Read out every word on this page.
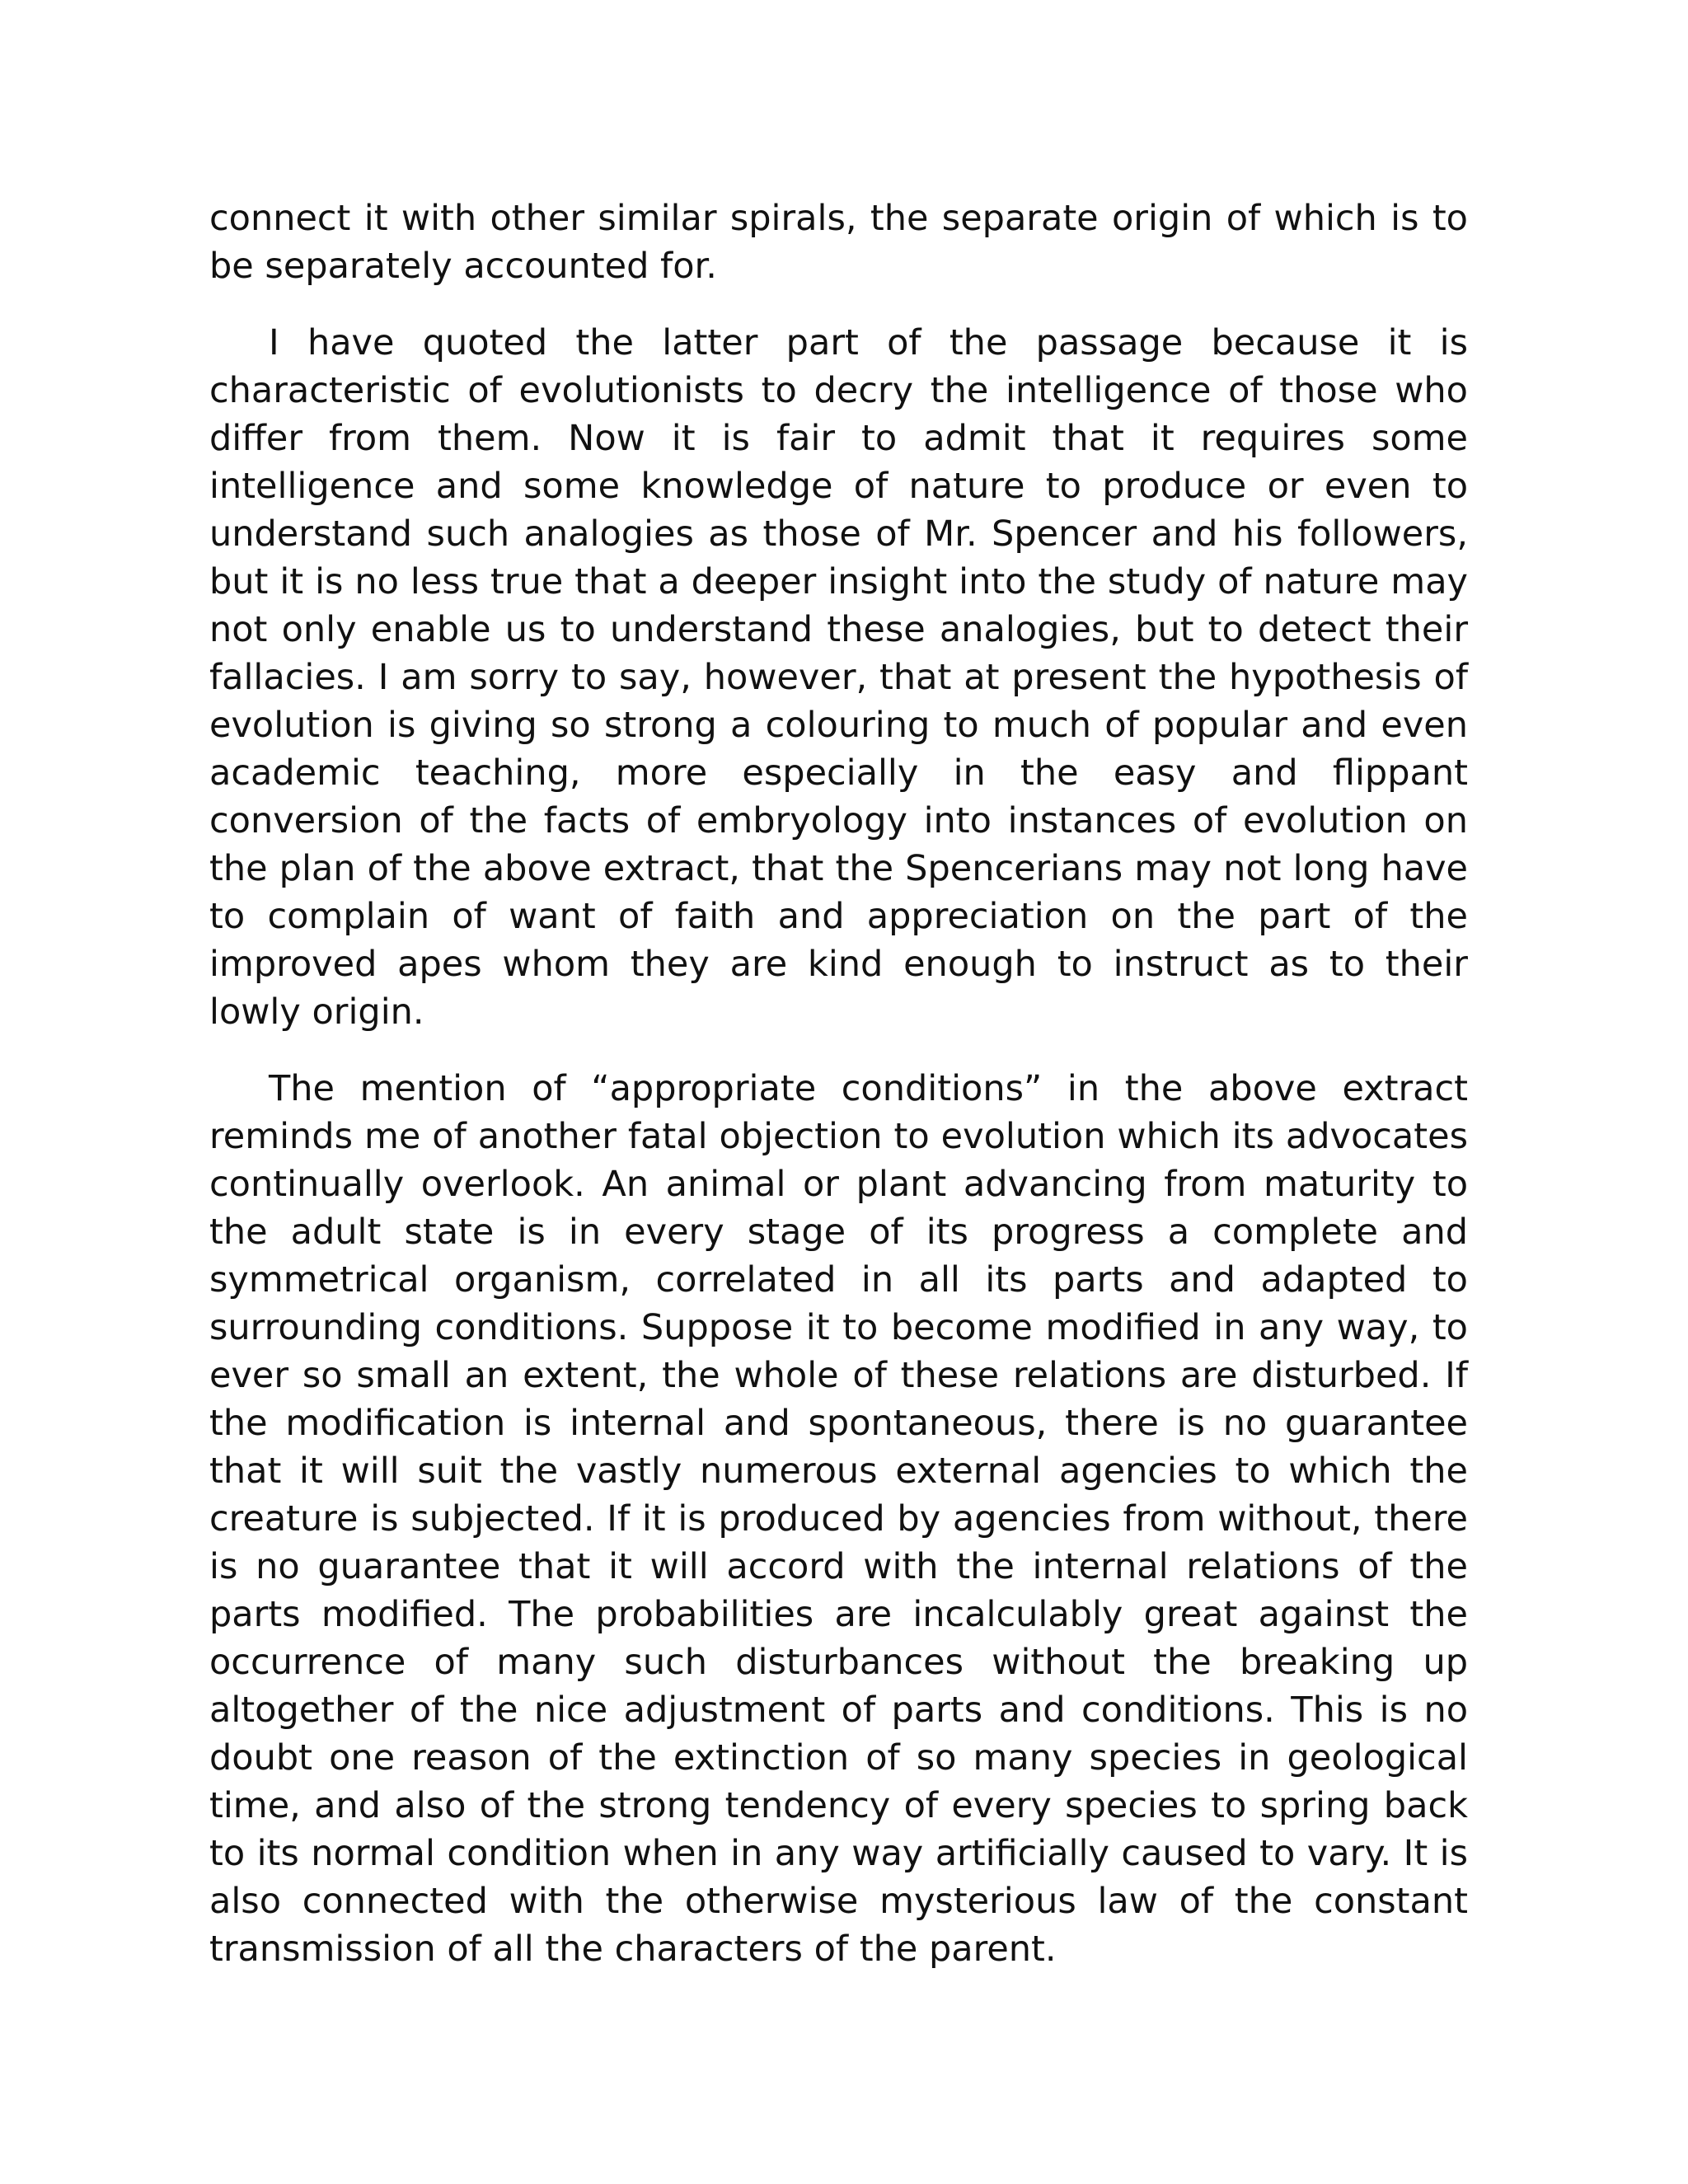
connect it with other similar spirals, the separate origin of which is to be separately accounted for.

I have quoted the latter part of the passage because it is characteristic of evolutionists to decry the intelligence of those who differ from them. Now it is fair to admit that it requires some intelligence and some knowledge of nature to produce or even to understand such analogies as those of Mr. Spencer and his followers, but it is no less true that a deeper insight into the study of nature may not only enable us to understand these analogies, but to detect their fallacies. I am sorry to say, however, that at present the hypothesis of evolution is giving so strong a colouring to much of popular and even academic teaching, more especially in the easy and flippant conversion of the facts of embryology into instances of evolution on the plan of the above extract, that the Spencerians may not long have to complain of want of faith and appreciation on the part of the improved apes whom they are kind enough to instruct as to their lowly origin.

The mention of “appropriate conditions” in the above extract reminds me of another fatal objection to evolution which its advocates continually overlook. An animal or plant advancing from maturity to the adult state is in every stage of its progress a complete and symmetrical organism, correlated in all its parts and adapted to surrounding conditions. Suppose it to become modified in any way, to ever so small an extent, the whole of these relations are disturbed. If the modification is internal and spontaneous, there is no guarantee that it will suit the vastly numerous external agencies to which the creature is subjected. If it is produced by agencies from without, there is no guarantee that it will accord with the internal relations of the parts modified. The probabilities are incalculably great against the occurrence of many such disturbances without the breaking up altogether of the nice adjustment of parts and conditions. This is no doubt one reason of the extinction of so many species in geological time, and also of the strong tendency of every species to spring back to its normal condition when in any way artificially caused to vary. It is also connected with the otherwise mysterious law of the constant transmission of all the characters of the parent.
